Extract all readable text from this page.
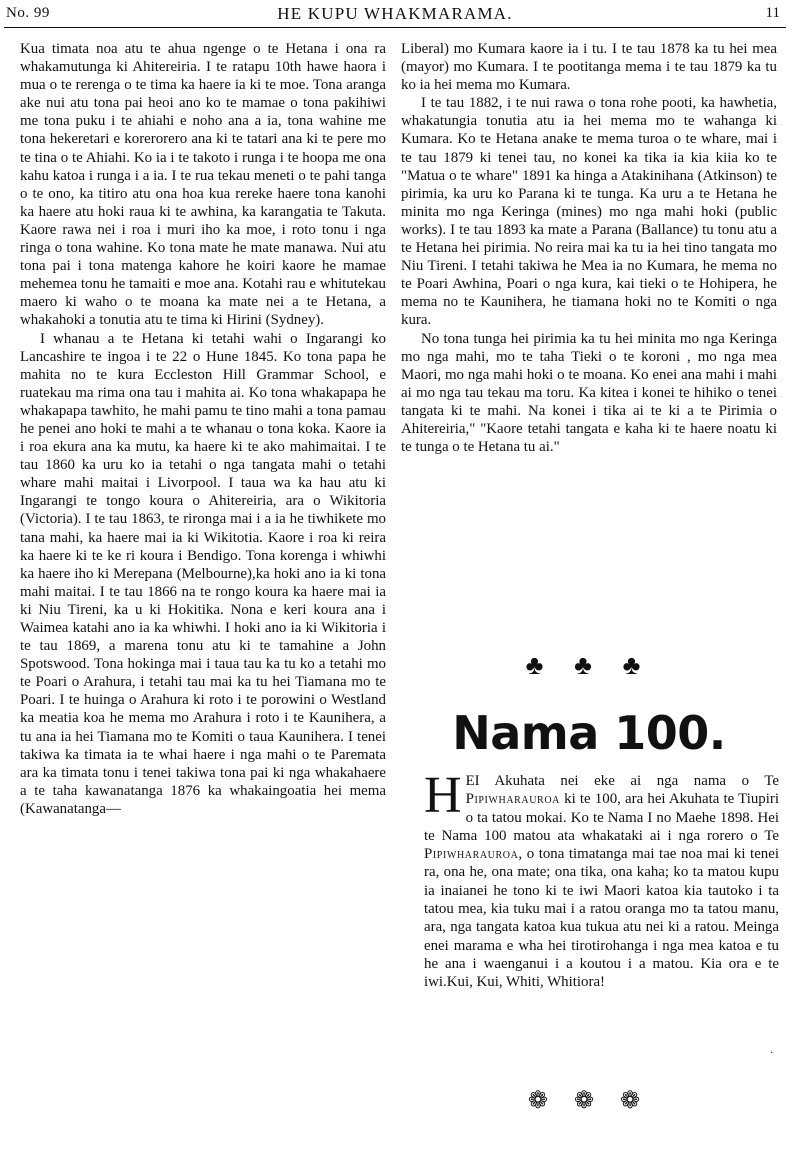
No. 99	HE KUPU WHAKMARAMA.	11

Kua timata noa atu te ahua ngenge o te Hetana i ona ra whakamutunga ki Ahitereiria. I te ratapu 10th hawe haora i mua o te rerenga o te tima ka haere ia ki te moe. Tona aranga ake nui atu tona pai heoi ano ko te mamae o tona pakihiwi me tona puku i te ahiahi e noho ana a ia, tona wahine me tona hekeretari e korerorero ana ki te tatari ana ki te pere mo te tina o te Ahiahi. Ko ia i te takoto i runga i te hoopa me ona kahu katoa i runga i a ia. I te rua tekau meneti o te pahi tanga o te ono, ka titiro atu ona hoa kua rereke haere tona kanohi ka haere atu hoki raua ki te awhina, ka karangatia te Takuta. Kaore rawa nei i roa i muri iho ka moe, i roto tonu i nga ringa o tona wahine. Ko tona mate he mate manawa. Nui atu tona pai i tona matenga kahore he koiri kaore he mamae mehemea tonu he tamaiti e moe ana. Kotahi rau e whitutekau maero ki waho o te moana ka mate nei a te Hetana, a whakahoki a tonutia atu te tima ki Hirini (Sydney).

I whanau a te Hetana ki tetahi wahi o Ingarangi ko Lancashire te ingoa i te 22 o Hune 1845. Ko tona papa he mahita no te kura Eccleston Hill Grammar School, e ruatekau ma rima ona tau i mahita ai. Ko tona whakapapa he whakapapa tawhito, he mahi pamu te tino mahi a tona pamau he penei ano hoki te mahi a te whanau o tona koka. Kaore ia i roa ekura ana ka mutu, ka haere ki te ako mahimaitai. I te tau 1860 ka uru ko ia tetahi o nga tangata mahi o tetahi whare mahi maitai i Livorpool. I taua wa ka hau atu ki Ingarangi te tongo koura o Ahitereiria, ara o Wikitoria (Victoria). I te tau 1863, te rironga mai i a ia he tiwhikete mo tana mahi, ka haere mai ia ki Wikitotia. Kaore i roa ki reira ka haere ki te ke ri koura i Bendigo. Tona korenga i whiwhi ka haere iho ki Merepana (Melbourne),ka hoki ano ia ki tona mahi maitai. I te tau 1866 na te rongo koura ka haere mai ia ki Niu Tireni, ka u ki Hokitika. Nona e keri koura ana i Waimea katahi ano ia ka whiwhi. I hoki ano ia ki Wikitoria i te tau 1869, a marena tonu atu ki te tamahine a John Spotswood. Tona hokinga mai i taua tau ka tu ko a tetahi mo te Poari o Arahura, i tetahi tau mai ka tu hei Tiamana mo te Poari. I te huinga o Arahura ki roto i te porowini o Westland ka meatia koa he mema mo Arahura i roto i te Kaunihera, a tu ana ia hei Tiamana mo te Komiti o taua Kaunihera. I tenei takiwa ka timata ia te whai haere i nga mahi o te Paremata ara ka timata tonu i tenei takiwa tona pai ki nga whakahaere a te taha kawanatanga 1876 ka whakaingoatia hei mema (Kawanatanga—

Liberal) mo Kumara kaore ia i tu. I te tau 1878 ka tu hei mea (mayor) mo Kumara. I te pootitanga mema i te tau 1879 ka tu ko ia hei mema mo Kumara.

I te tau 1882, i te nui rawa o tona rohe pooti, ka hawhetia, whakatungia tonutia atu ia hei mema mo te wahanga ki Kumara. Ko te Hetana anake te mema turoa o te whare, mai i te tau 1879 ki tenei tau, no konei ka tika ia kia kiia ko te "Matua o te whare" 1891 ka hinga a Atakinihana (Atkinson) te pirimia, ka uru ko Parana ki te tunga. Ka uru a te Hetana he minita mo nga Keringa (mines) mo nga mahi hoki (public works). I te tau 1893 ka mate a Parana (Ballance) tu tonu atu a te Hetana hei pirimia. No reira mai ka tu ia hei tino tangata mo Niu Tireni. I tetahi takiwa he Mea ia no Kumara, he mema no te Poari Awhina, Poari o nga kura, kai tieki o te Hohipera, he mema no te Kaunihera, he tiamana hoki no te Komiti o nga kura.

No tona tunga hei pirimia ka tu hei minita mo nga Keringa mo nga mahi, mo te taha Tieki o te koroni , mo nga mea Maori, mo nga mahi hoki o te moana. Ko enei ana mahi i mahi ai mo nga tau tekau ma toru. Ka kitea i konei te hihiko o tenei tangata ki te mahi. Na konei i tika ai te ki a te Pirimia o Ahitereiria," "Kaore tetahi tangata e kaha ki te haere noatu ki te tunga o te Hetana tu ai."

♣ ♣ ♣
Nama 100.
HEI Akuhata nei eke ai nga nama o Te Pipiwharauroa ki te 100, ara hei Akuhata te Tiupiri o ta tatou mokai. Ko te Nama I no Maehe 1898. Hei te Nama 100 matou ata whakataki ai i nga rorero o Te Pipiwharauroa, o tona timatanga mai tae noa mai ki tenei ra, ona he, ona mate; ona tika, ona kaha; ko ta matou kupu ia inaianei he tono ki te iwi Maori katoa kia tautoko i ta tatou mea, kia tuku mai i a ratou oranga mo ta tatou manu, ara, nga tangata katoa kua tukua atu nei ki a ratou. Meinga enei marama e wha hei tirotirohanga i nga mea katoa e tu he ana i waenganui i a koutou i a matou. Kia ora e te iwi.Kui, Kui, Whiti, Whitiora!
·
❁ ❁ ❁
